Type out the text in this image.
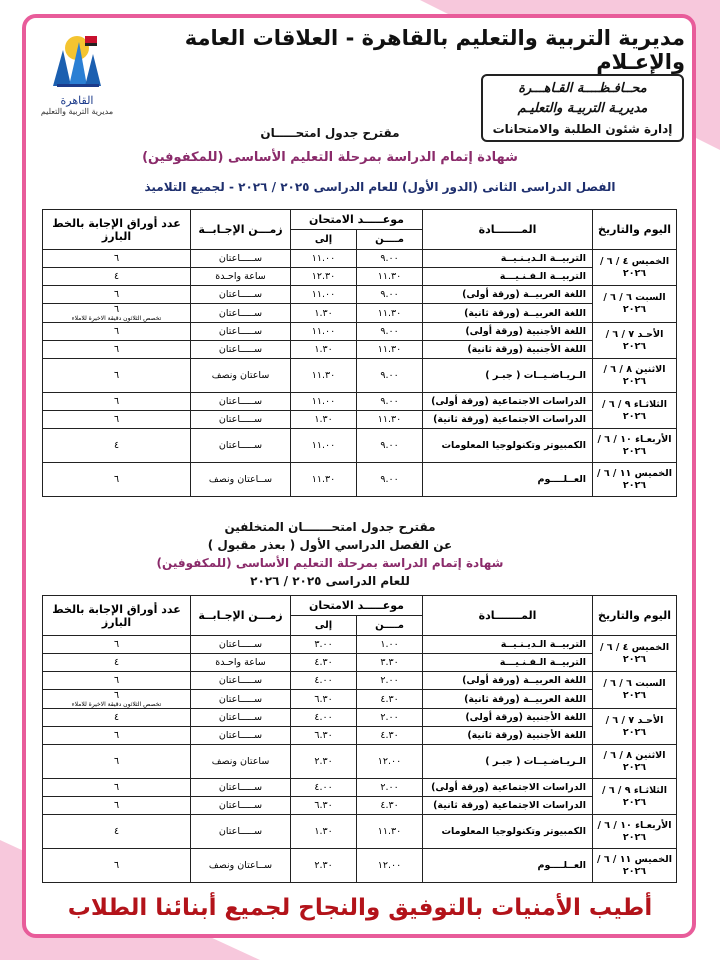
مديرية التربية والتعليم بالقاهرة - العلاقات العامة والإعـلام
القاهرة
مديرية التربية والتعليم
محــافـظــــة القـاهـــرة
مديريـة التربيـة والتعليـم
إدارة شئون الطلبة والامتحانات
مقترح جدول امتحـــــان
شهادة إتمام الدراسة بمرحلة التعليم الأساسى (للمكفوفين)
الفصل الدراسى الثانى (الدور الأول) للعام الدراسى ٢٠٢٥ / ٢٠٢٦ - لجميع التلاميذ
اليوم والتاريخ	المـــــــادة	موعـــــد الامتحان		زمـــن الإجـابــة	عدد أوراق الإجابة بالخط البارز
		مــــن	إلى		
الخميس ٤ / ٦ / ٢٠٢٦	التربيــة الـديـنـيــة	٩.٠٠	١١.٠٠	ســـــاعتان	٦

	التربيــة الـفـنـيـــة	١١.٣٠	١٢.٣٠	ساعة واحـدة	٤

السبت ٦ / ٦ / ٢٠٢٦	اللغة العربيــة (ورقة أولى)	٩.٠٠	١١.٠٠	ســـــاعتان	٦

	اللغة العربيــة (ورقة ثانية)	١١.٣٠	١.٣٠	ســـــاعتان	٦
تخصص الثلاثون دقيقة الاخيرة للاملاء

الأحـد ٧ / ٦ / ٢٠٢٦	اللغة الأجنبية (ورقة أولى)	٩.٠٠	١١.٠٠	ســـــاعتان	٦

	اللغة الأجنبية (ورقة ثانية)	١١.٣٠	١.٣٠	ســـــاعتان	٦

الاثنين ٨ / ٦ / ٢٠٢٦	الـريـاضـيــات ( جبـر )	٩.٠٠	١١.٣٠	ساعتان ونصف	٦

الثلاثـاء ٩ / ٦ / ٢٠٢٦	الدراسات الاجتماعية (ورقة أولى)	٩.٠٠	١١.٠٠	ســـــاعتان	٦

	الدراسات الاجتماعية (ورقة ثانية)	١١.٣٠	١.٣٠	ســـــاعتان	٦

الأربعـاء ١٠ / ٦ / ٢٠٢٦	الكمبيوتر وتكنولوجيا المعلومات	٩.٠٠	١١.٠٠	ســـــاعتان	٤

الخميس ١١ / ٦ / ٢٠٢٦	العــلــــوم	٩.٠٠	١١.٣٠	ســاعتان ونصف	٦
مقترح جدول امتحـــــــان المتخلفين
عن الفصل الدراسي الأول ( بعذر مقبول )
شهادة إتمام الدراسة بمرحلة التعليم الأساسى (للمكفوفين)
للعام الدراسى ٢٠٢٥ / ٢٠٢٦
اليوم والتاريخ	المـــــــادة	موعـــــد الامتحان		زمـــن الإجـابــة	عدد أوراق الإجابة بالخط البارز
		مــــن	إلى		
الخميس ٤ / ٦ / ٢٠٢٦	التربيــة الـديـنـيــة	١.٠٠	٣.٠٠	ســـــاعتان	٦

	التربيــة الـفـنـيـــة	٣.٣٠	٤.٣٠	ساعة واحـدة	٤

السبت ٦ / ٦ / ٢٠٢٦	اللغة العربيــة (ورقة أولى)	٢.٠٠	٤.٠٠	ســـــاعتان	٦

	اللغة العربيــة (ورقة ثانية)	٤.٣٠	٦.٣٠	ســـــاعتان	٦
تخصص الثلاثون دقيقة الاخيرة للاملاء

الأحـد ٧ / ٦ / ٢٠٢٦	اللغة الأجنبية (ورقة أولى)	٢.٠٠	٤.٠٠	ســـــاعتان	٤

	اللغة الأجنبية (ورقة ثانية)	٤.٣٠	٦.٣٠	ســـــاعتان	٦

الاثنين ٨ / ٦ / ٢٠٢٦	الـريـاضـيــات ( جبـر )	١٢.٠٠	٢.٣٠	ساعتان ونصف	٦

الثلاثـاء ٩ / ٦ / ٢٠٢٦	الدراسات الاجتماعية (ورقة أولى)	٢.٠٠	٤.٠٠	ســـــاعتان	٦

	الدراسات الاجتماعية (ورقة ثانية)	٤.٣٠	٦.٣٠	ســـــاعتان	٦

الأربعـاء ١٠ / ٦ / ٢٠٢٦	الكمبيوتر وتكنولوجيا المعلومات	١١.٣٠	١.٣٠	ســـــاعتان	٤

الخميس ١١ / ٦ / ٢٠٢٦	العــلــــوم	١٢.٠٠	٢.٣٠	ســاعتان ونصف	٦
أطيب الأمنيات بالتوفيق والنجاح لجميع أبنائنا الطلاب
